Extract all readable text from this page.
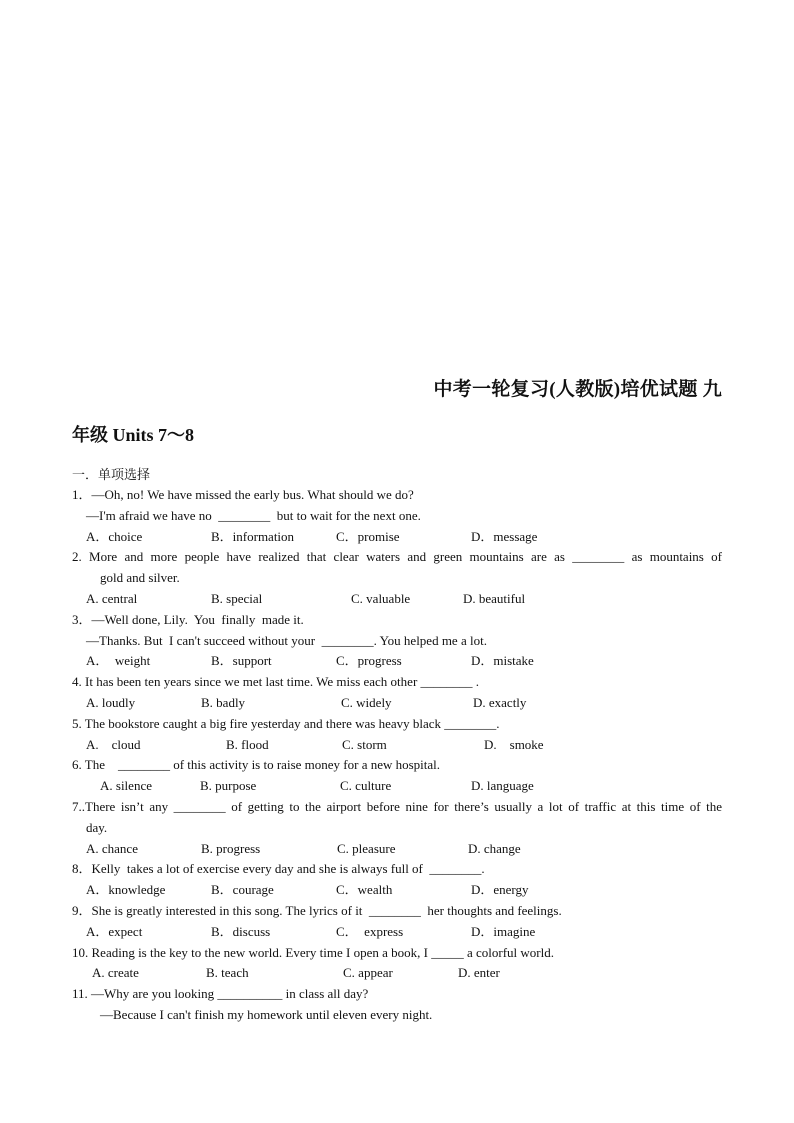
中考一轮复习(人教版)培优试题 九
年级 Units 7～8
一．单项选择
1．—Oh, no! We have missed the early bus. What should we do?
—I'm afraid we have no  ________  but to wait for the next one.
A．choice	B．information	C．promise	D．message
2. More and more people have realized that clear waters and green mountains are as ________ as mountains of
gold and silver.
A. central	B. special	C. valuable	D. beautiful
3．—Well done, Lily.  You  finally  made it.
—Thanks. But  I can't succeed without your  ________. You helped me a lot.
A．  weight	B．support	C．progress	D．mistake
4. It has been ten years since we met last time. We miss each other ________ .
A. loudly	B. badly	C. widely	D. exactly
5. The bookstore caught a big fire yesterday and there was heavy black ________.
A.    cloud	B. flood	C. storm	D.    smoke
6. The    ________ of this activity is to raise money for a new hospital.
A. silence	B. purpose	C. culture	D. language
7..There isn’t any ________ of getting to the airport before nine for there’s usually a lot of traffic at this time of the
day.
A. chance	B. progress	C. pleasure	D. change
8．Kelly  takes a lot of exercise every day and she is always full of  ________.
A．knowledge	B．courage	C．wealth	D．energy
9．She is greatly interested in this song. The lyrics of it  ________  her thoughts and feelings.
A．expect	B．discuss	C．  express	D．imagine
10. Reading is the key to the new world. Every time I open a book, I _____ a colorful world.
A. create	B. teach	C. appear	D. enter
11. —Why are you looking __________ in class all day?
—Because I can't finish my homework until eleven every night.
